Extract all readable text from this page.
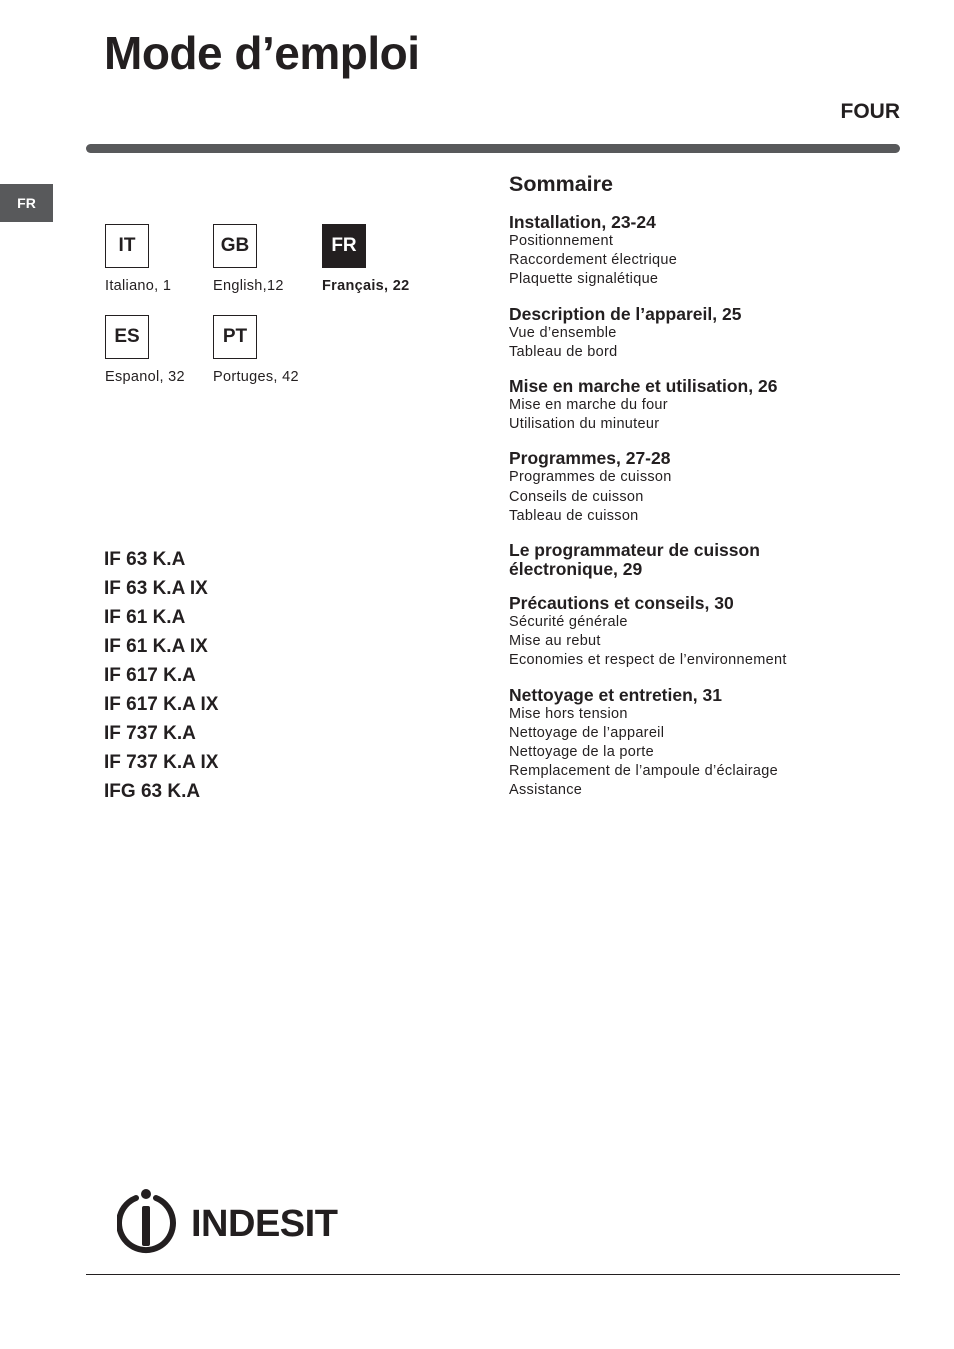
Mode d’emploi
FOUR
FR
IT
Italiano, 1
GB
English,12
FR
Français, 22
ES
Espanol, 32
PT
Portuges, 42
IF 63 K.A
IF 63 K.A IX
IF 61 K.A
IF 61 K.A IX
IF 617 K.A
IF 617 K.A IX
IF 737 K.A
IF 737 K.A IX
IFG 63 K.A
Sommaire
Installation, 23-24
Positionnement
Raccordement électrique
Plaquette signalétique
Description de l’appareil, 25
Vue d’ensemble
Tableau de bord
Mise en marche et utilisation, 26
Mise en marche du four
Utilisation du minuteur
Programmes, 27-28
Programmes de cuisson
Conseils de cuisson
Tableau de cuisson
Le programmateur de cuisson électronique, 29
Précautions et conseils, 30
Sécurité générale
Mise au rebut
Economies et respect de l’environnement
Nettoyage et entretien, 31
Mise hors tension
Nettoyage de l’appareil
Nettoyage de la porte
Remplacement de l’ampoule d’éclairage
Assistance
INDESIT
